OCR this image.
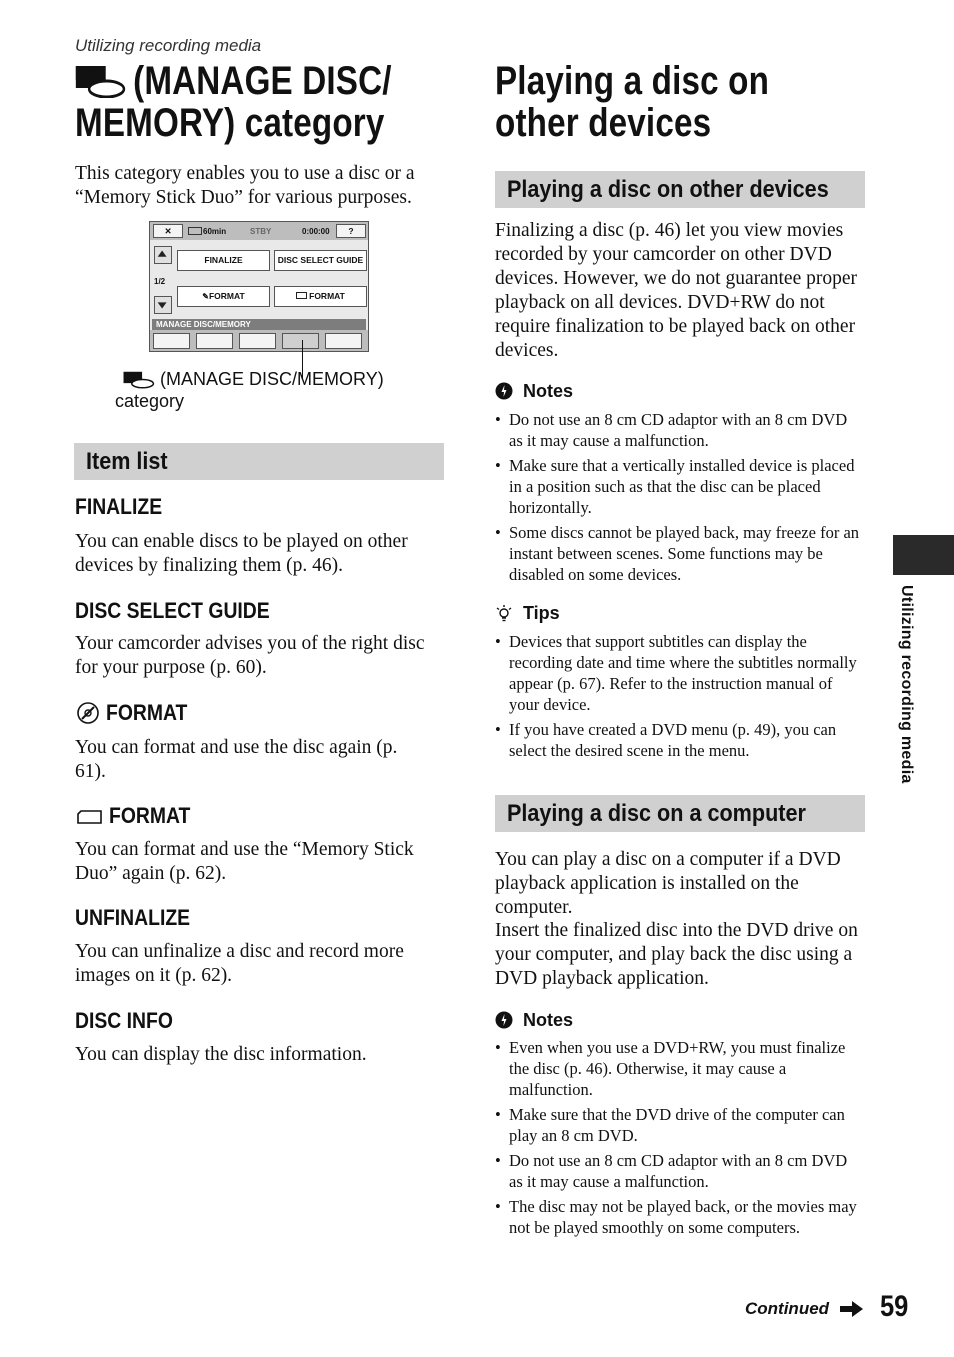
Utilizing recording media
(MANAGE DISC/
MEMORY) category
This category enables you to use a disc or a “Memory Stick Duo” for various purposes.
✕	60min	STBY	0:00:00	?
1/2
FINALIZE	DISC SELECT GUIDE
✎FORMAT	FORMAT
MANAGE DISC/MEMORY
(MANAGE DISC/MEMORY)
category
Item list
FINALIZE
You can enable discs to be played on other devices by finalizing them (p. 46).
DISC SELECT GUIDE
Your camcorder advises you of the right disc for your purpose (p. 60).
FORMAT
You can format and use the disc again (p. 61).
FORMAT
You can format and use the “Memory Stick Duo” again (p. 62).
UNFINALIZE
You can unfinalize a disc and record more images on it (p. 62).
DISC INFO
You can display the disc information.
Playing a disc on
other devices
Playing a disc on other devices
Finalizing a disc (p. 46) let you view movies recorded by your camcorder on other DVD devices. However, we do not guarantee proper playback on all devices. DVD+RW do not require finalization to be played back on other devices.
Notes
• Do not use an 8 cm CD adaptor with an 8 cm DVD as it may cause a malfunction.
• Make sure that a vertically installed device is placed in a position such as that the disc can be placed horizontally.
• Some discs cannot be played back, may freeze for an instant between scenes. Some functions may be disabled on some devices.
Tips
• Devices that support subtitles can display the recording date and time where the subtitles normally appear (p. 67). Refer to the instruction manual of your device.
• If you have created a DVD menu (p. 49), you can select the desired scene in the menu.
Playing a disc on a computer
You can play a disc on a computer if a DVD playback application is installed on the computer.
Insert the finalized disc into the DVD drive on your computer, and play back the disc using a DVD playback application.
Notes
• Even when you use a DVD+RW, you must finalize the disc (p. 46). Otherwise, it may cause a malfunction.
• Make sure that the DVD drive of the computer can play an 8 cm DVD.
• Do not use an 8 cm CD adaptor with an 8 cm DVD as it may cause a malfunction.
• The disc may not be played back, or the movies may not be played smoothly on some computers.
Utilizing recording media
Continued 59
